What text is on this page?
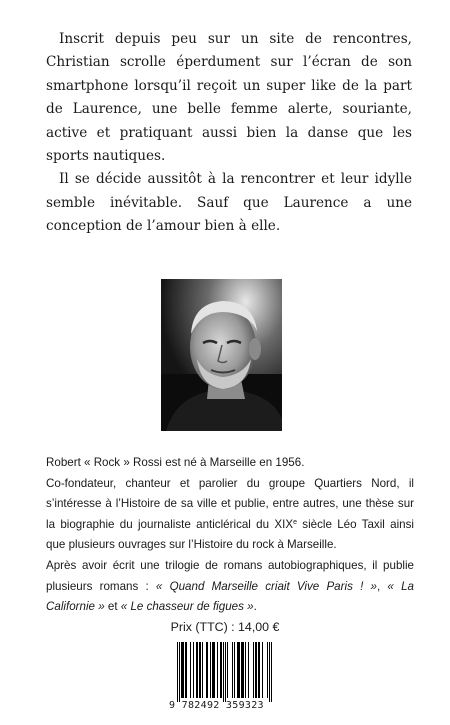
Inscrit depuis peu sur un site de rencontres, Christian scrolle éperdument sur l’écran de son smartphone lorsqu’il reçoit un super like de la part de Laurence, une belle femme alerte, souriante, active et pratiquant aussi bien la danse que les sports nautiques.

Il se décide aussitôt à la rencontrer et leur idylle semble inévitable. Sauf que Laurence a une conception de l’amour bien à elle.

Robert « Rock » Rossi est né à Marseille en 1956.

Co-fondateur, chanteur et parolier du groupe Quartiers Nord, il s’intéresse à l’Histoire de sa ville et publie, entre autres, une thèse sur la biographie du journaliste anticlérical du XIXe siècle Léo Taxil ainsi que plusieurs ouvrages sur l’Histoire du rock à Marseille.

Après avoir écrit une trilogie de romans autobiographiques, il publie plusieurs romans : « Quand Marseille criait Vive Paris ! », « La Californie » et « Le chasseur de figues ».

Prix (TTC) : 14,00 €
9 782492 359323
